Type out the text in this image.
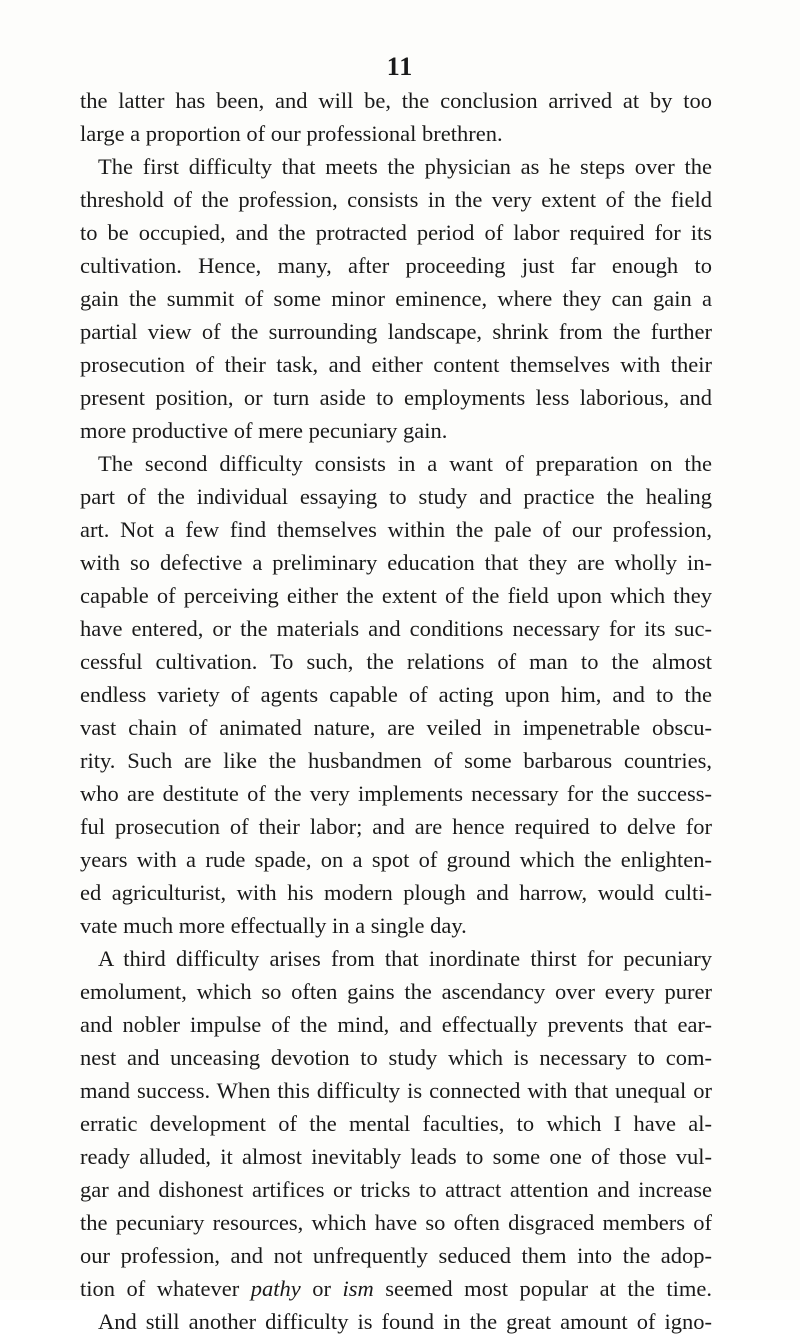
11
the latter has been, and will be, the conclusion arrived at by too
large a proportion of our professional brethren.
The first difficulty that meets the physician as he steps over the
threshold of the profession, consists in the very extent of the field
to be occupied, and the protracted period of labor required for its
cultivation. Hence, many, after proceeding just far enough to
gain the summit of some minor eminence, where they can gain a
partial view of the surrounding landscape, shrink from the further
prosecution of their task, and either content themselves with their
present position, or turn aside to employments less laborious, and
more productive of mere pecuniary gain.
The second difficulty consists in a want of preparation on the
part of the individual essaying to study and practice the healing
art. Not a few find themselves within the pale of our profession,
with so defective a preliminary education that they are wholly in-
capable of perceiving either the extent of the field upon which they
have entered, or the materials and conditions necessary for its suc-
cessful cultivation. To such, the relations of man to the almost
endless variety of agents capable of acting upon him, and to the
vast chain of animated nature, are veiled in impenetrable obscu-
rity. Such are like the husbandmen of some barbarous countries,
who are destitute of the very implements necessary for the success-
ful prosecution of their labor; and are hence required to delve for
years with a rude spade, on a spot of ground which the enlighten-
ed agriculturist, with his modern plough and harrow, would culti-
vate much more effectually in a single day.
A third difficulty arises from that inordinate thirst for pecuniary
emolument, which so often gains the ascendancy over every purer
and nobler impulse of the mind, and effectually prevents that ear-
nest and unceasing devotion to study which is necessary to com-
mand success. When this difficulty is connected with that unequal or
erratic development of the mental faculties, to which I have al-
ready alluded, it almost inevitably leads to some one of those vul-
gar and dishonest artifices or tricks to attract attention and increase
the pecuniary resources, which have so often disgraced members of
our profession, and not unfrequently seduced them into the adop-
tion of whatever pathy or ism seemed most popular at the time.
And still another difficulty is found in the great amount of igno-
